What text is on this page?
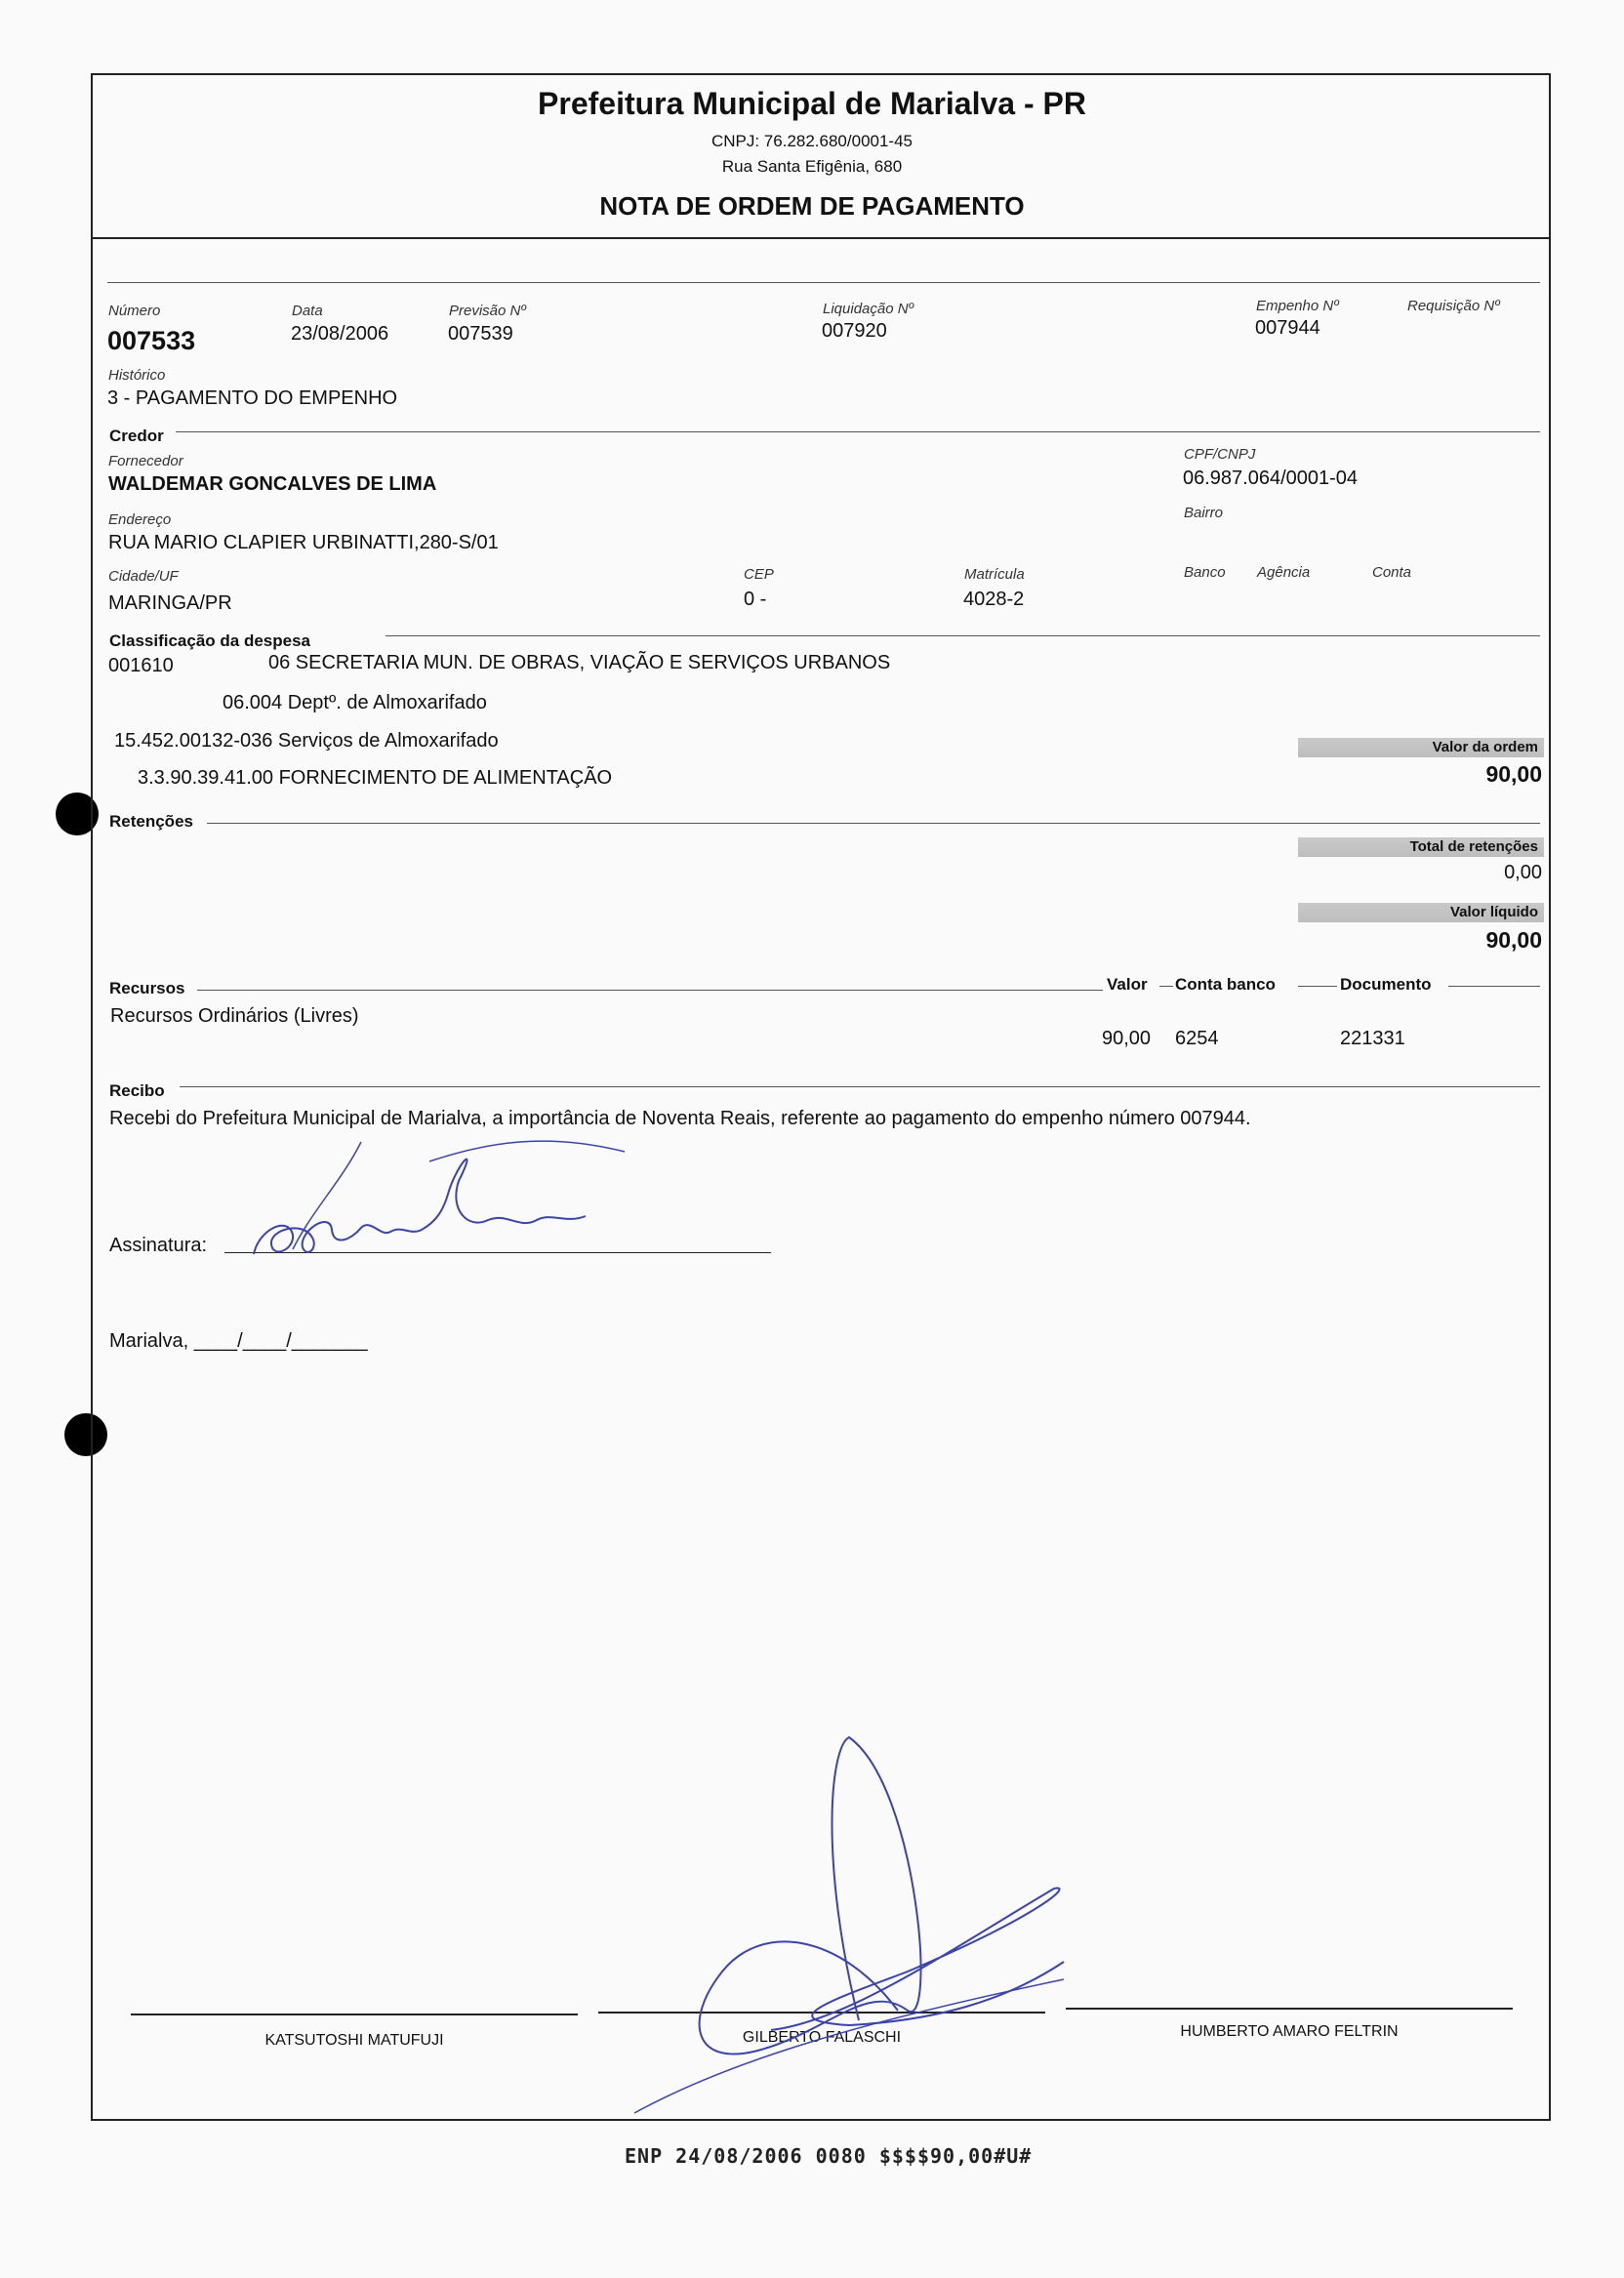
Prefeitura Municipal de Marialva - PR
CNPJ: 76.282.680/0001-45
Rua Santa Efigênia, 680
NOTA DE ORDEM DE PAGAMENTO
Número
007533
Data
23/08/2006
Previsão Nº
007539
Liquidação Nº
007920
Empenho Nº
007944
Requisição Nº
Histórico
3 - PAGAMENTO DO EMPENHO
Credor
Fornecedor
WALDEMAR GONCALVES DE LIMA
CPF/CNPJ
06.987.064/0001-04
Endereço
RUA MARIO CLAPIER URBINATTI,280-S/01
Bairro
Cidade/UF
MARINGA/PR
CEP
0 -
Matrícula
4028-2
Banco Agência	Conta
Classificação da despesa
001610	06 SECRETARIA MUN. DE OBRAS, VIAÇÃO E SERVIÇOS URBANOS
06.004 Deptº. de Almoxarifado
15.452.00132-036 Serviços de Almoxarifado
3.3.90.39.41.00 FORNECIMENTO DE ALIMENTAÇÃO
Valor da ordem
90,00
Retenções
Total de retenções
0,00
Valor líquido
90,00
Recursos	Valor Conta banco	Documento
Recursos Ordinários (Livres)
90,00 6254	221331
Recibo
Recebi do Prefeitura Municipal de Marialva, a importância de Noventa Reais, referente ao pagamento do empenho número 007944.
Assinatura:
Marialva, ____/____/_______
KATSUTOSHI MATUFUJI	GILBERTO FALASCHI	HUMBERTO AMARO FELTRIN
ENP 24/08/2006 0080 $$$$90,00#U#
